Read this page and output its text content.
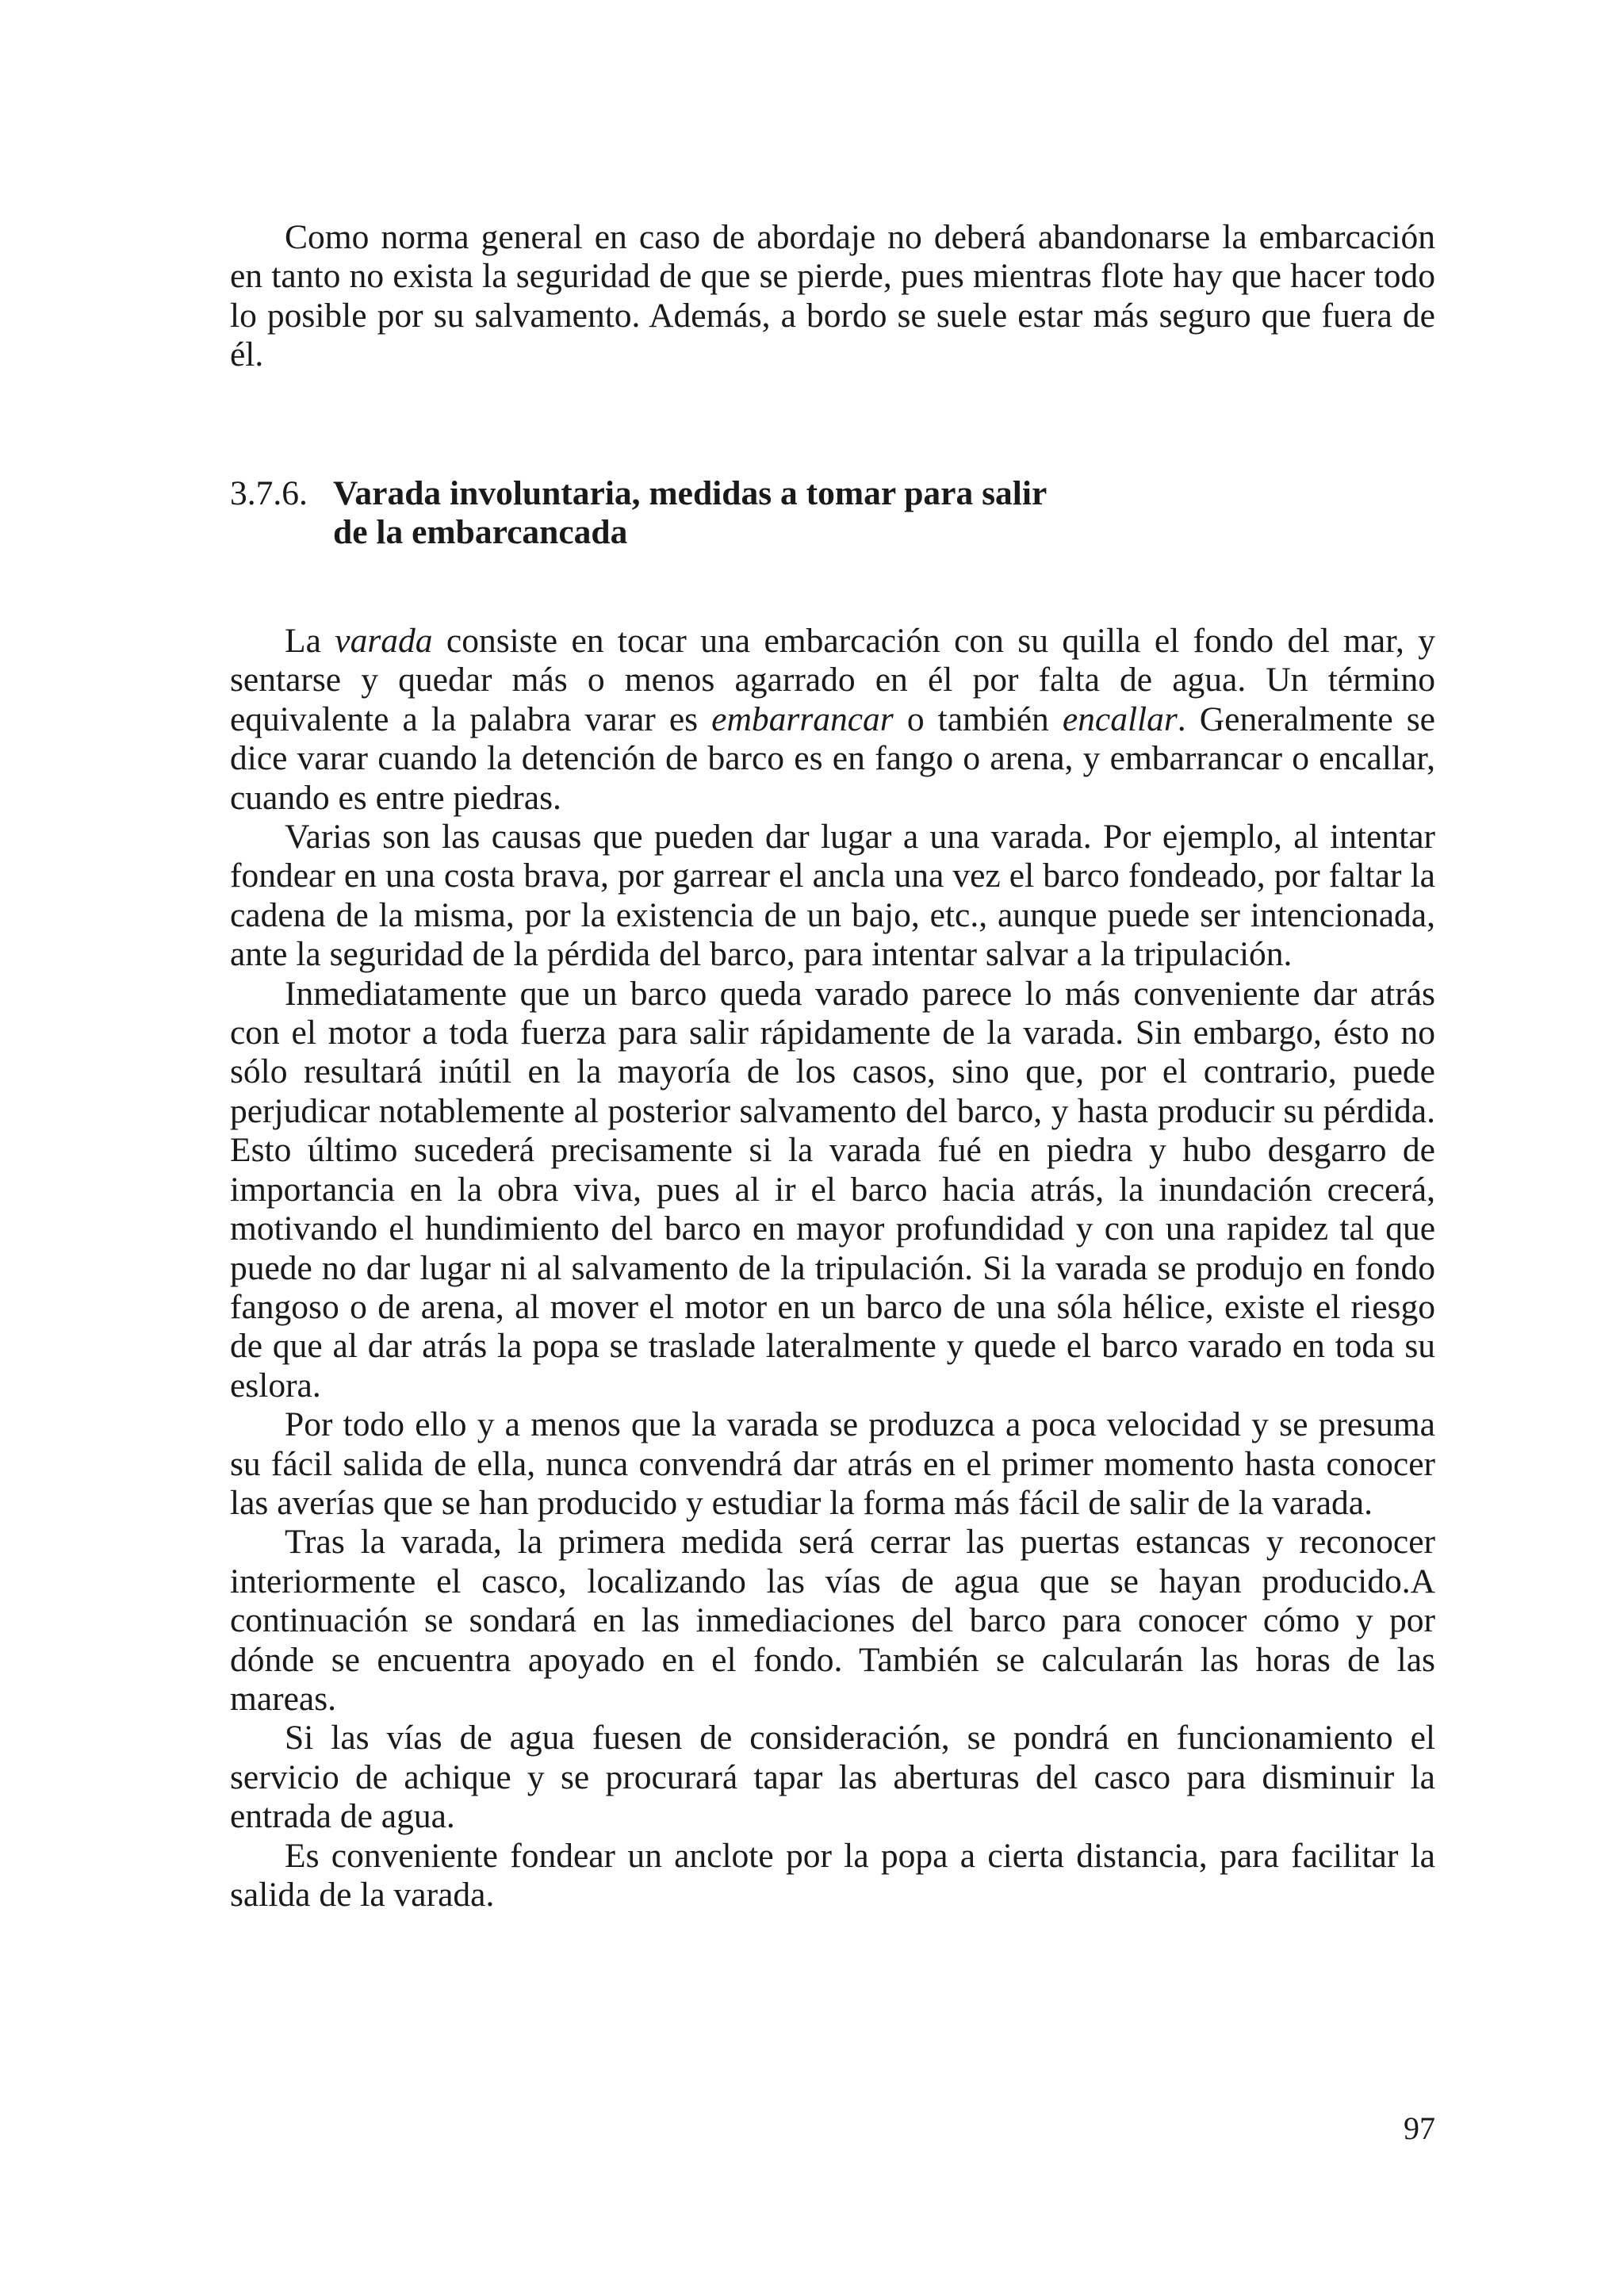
Como norma general en caso de abordaje no deberá abandonarse la embarcación en tanto no exista la seguridad de que se pierde, pues mientras flote hay que hacer todo lo posible por su salvamento. Además, a bordo se suele estar más seguro que fuera de él.

3.7.6. Varada involuntaria, medidas a tomar para salir
de la embarcancada

La varada consiste en tocar una embarcación con su quilla el fondo del mar, y sentarse y quedar más o menos agarrado en él por falta de agua. Un término equivalente a la palabra varar es embarrancar o también encallar. Generalmente se dice varar cuando la detención de barco es en fango o arena, y embarrancar o encallar, cuando es entre piedras.

Varias son las causas que pueden dar lugar a una varada. Por ejemplo, al intentar fondear en una costa brava, por garrear el ancla una vez el barco fondeado, por faltar la cadena de la misma, por la existencia de un bajo, etc., aunque puede ser intencionada, ante la seguridad de la pérdida del barco, para intentar salvar a la tripulación.

Inmediatamente que un barco queda varado parece lo más conveniente dar atrás con el motor a toda fuerza para salir rápidamente de la varada. Sin embargo, ésto no sólo resultará inútil en la mayoría de los casos, sino que, por el contrario, puede perjudicar notablemente al posterior salvamento del barco, y hasta producir su pérdida. Esto último sucederá precisamente si la varada fué en piedra y hubo desgarro de importancia en la obra viva, pues al ir el barco hacia atrás, la inundación crecerá, motivando el hundimiento del barco en mayor profundidad y con una rapidez tal que puede no dar lugar ni al salvamento de la tripulación. Si la varada se produjo en fondo fangoso o de arena, al mover el motor en un barco de una sóla hélice, existe el riesgo de que al dar atrás la popa se traslade lateralmente y quede el barco varado en toda su eslora.

Por todo ello y a menos que la varada se produzca a poca velocidad y se presuma su fácil salida de ella, nunca convendrá dar atrás en el primer momento hasta conocer las averías que se han producido y estudiar la forma más fácil de salir de la varada.

Tras la varada, la primera medida será cerrar las puertas estancas y reconocer interiormente el casco, localizando las vías de agua que se hayan producido.A continuación se sondará en las inmediaciones del barco para conocer cómo y por dónde se encuentra apoyado en el fondo. También se calcularán las horas de las mareas.

Si las vías de agua fuesen de consideración, se pondrá en funcionamiento el servicio de achique y se procurará tapar las aberturas del casco para disminuir la entrada de agua.

Es conveniente fondear un anclote por la popa a cierta distancia, para facilitar la salida de la varada.

97
